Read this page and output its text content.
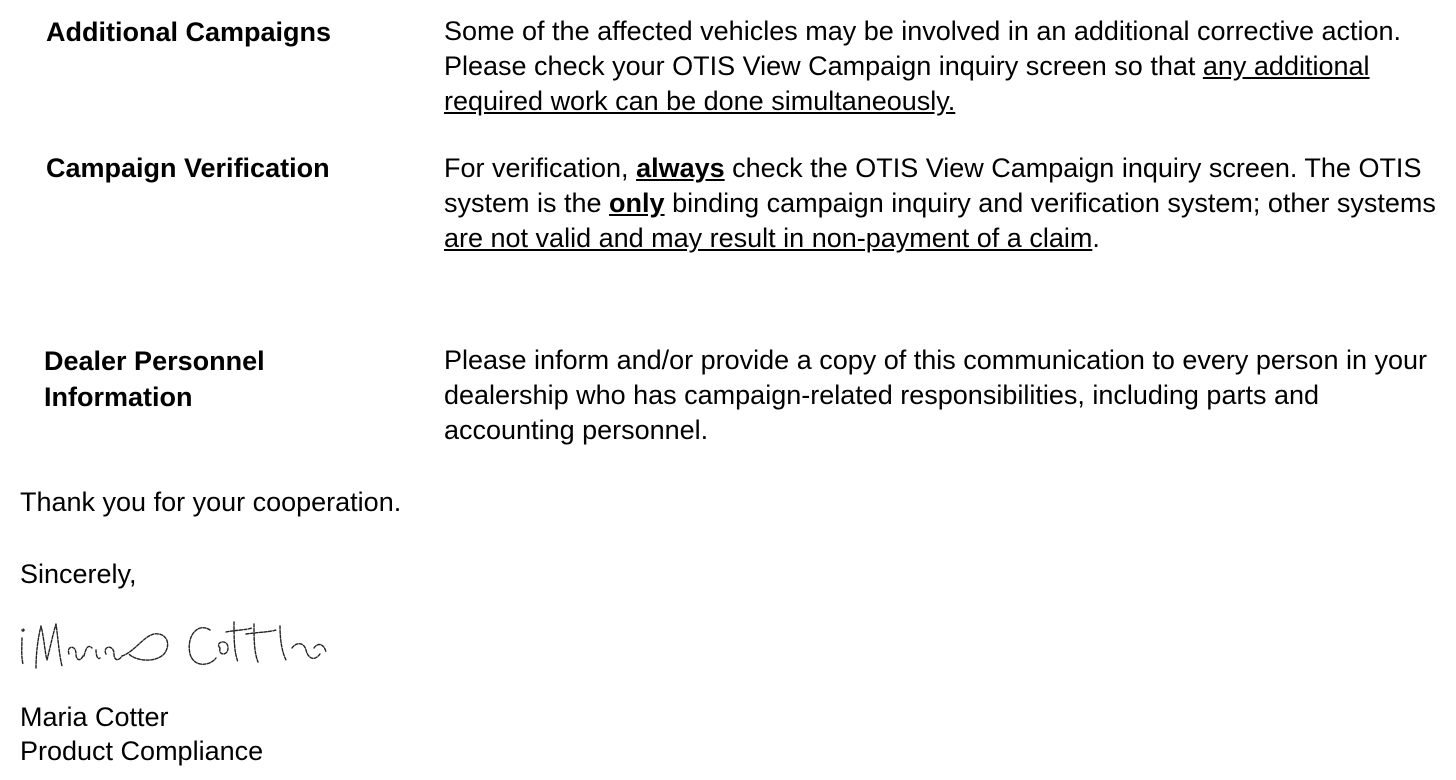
Additional Campaigns	Some of the affected vehicles may be involved in an additional corrective action. Please check your OTIS View Campaign inquiry screen so that any additional required work can be done simultaneously.
Campaign Verification	For verification, always check the OTIS View Campaign inquiry screen. The OTIS system is the only binding campaign inquiry and verification system; other systems are not valid and may result in non-payment of a claim.
Dealer Personnel
Information
Please inform and/or provide a copy of this communication to every person in your dealership who has campaign-related responsibilities, including parts and accounting personnel.
Thank you for your cooperation.
Sincerely,
Maria Cotter
Product Compliance
